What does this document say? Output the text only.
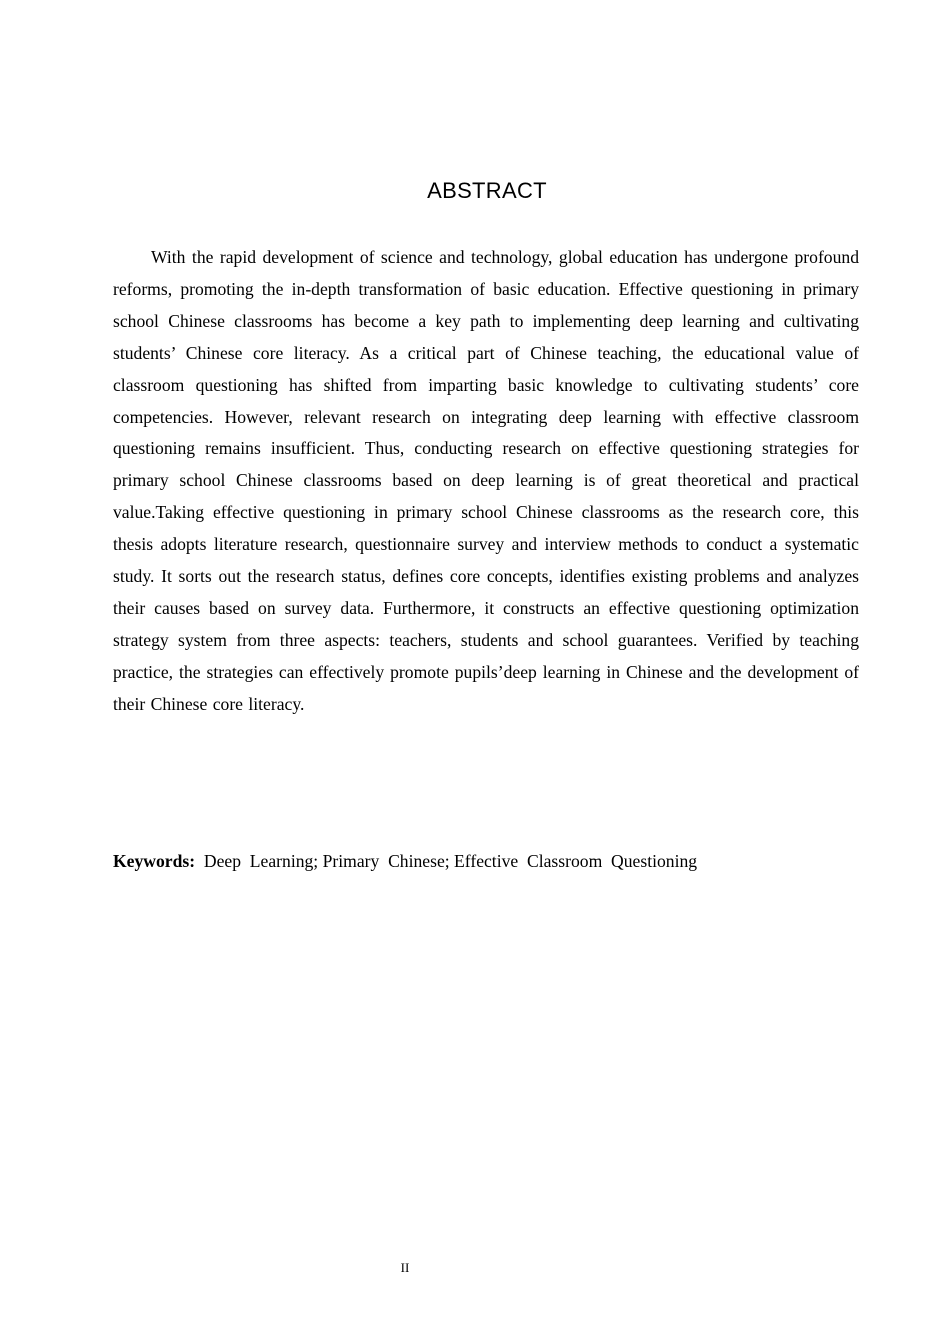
ABSTRACT

With the rapid development of science and technology, global education has undergone profound reforms, promoting the in-depth transformation of basic education. Effective questioning in primary school Chinese classrooms has become a key path to implementing deep learning and cultivating students’ Chinese core literacy. As a critical part of Chinese teaching, the educational value of classroom questioning has shifted from imparting basic knowledge to cultivating students’ core competencies. However, relevant research on integrating deep learning with effective classroom questioning remains insufficient. Thus, conducting research on effective questioning strategies for primary school Chinese classrooms based on deep learning is of great theoretical and practical value.Taking effective questioning in primary school Chinese classrooms as the research core, this thesis adopts literature research, questionnaire survey and interview methods to conduct a systematic study. It sorts out the research status, defines core concepts, identifies existing problems and analyzes their causes based on survey data. Furthermore, it constructs an effective questioning optimization strategy system from three aspects: teachers, students and school guarantees. Verified by teaching practice, the strategies can effectively promote pupils’deep learning in Chinese and the development of their Chinese core literacy.

Keywords:  Deep  Learning; Primary  Chinese; Effective  Classroom  Questioning

II
